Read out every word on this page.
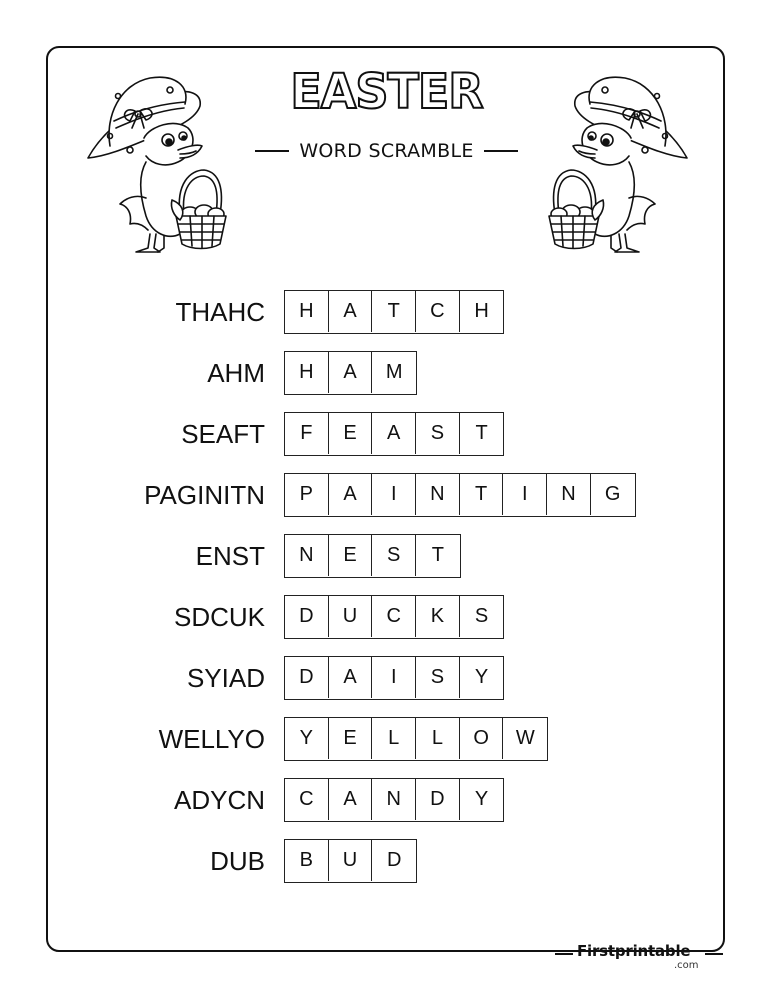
EASTER
WORD SCRAMBLE
THAHC	H	A	T	C	H
AHM	H	A	M
SEAFT	F	E	A	S	T
PAGINITN	P	A	I	N	T	I	N	G
ENST	N	E	S	T
SDCUK	D	U	C	K	S
SYIAD	D	A	I	S	Y
WELLYO	Y	E	L	L	O	W
ADYCN	C	A	N	D	Y
DUB	B	U	D
Firstprintable
.com
